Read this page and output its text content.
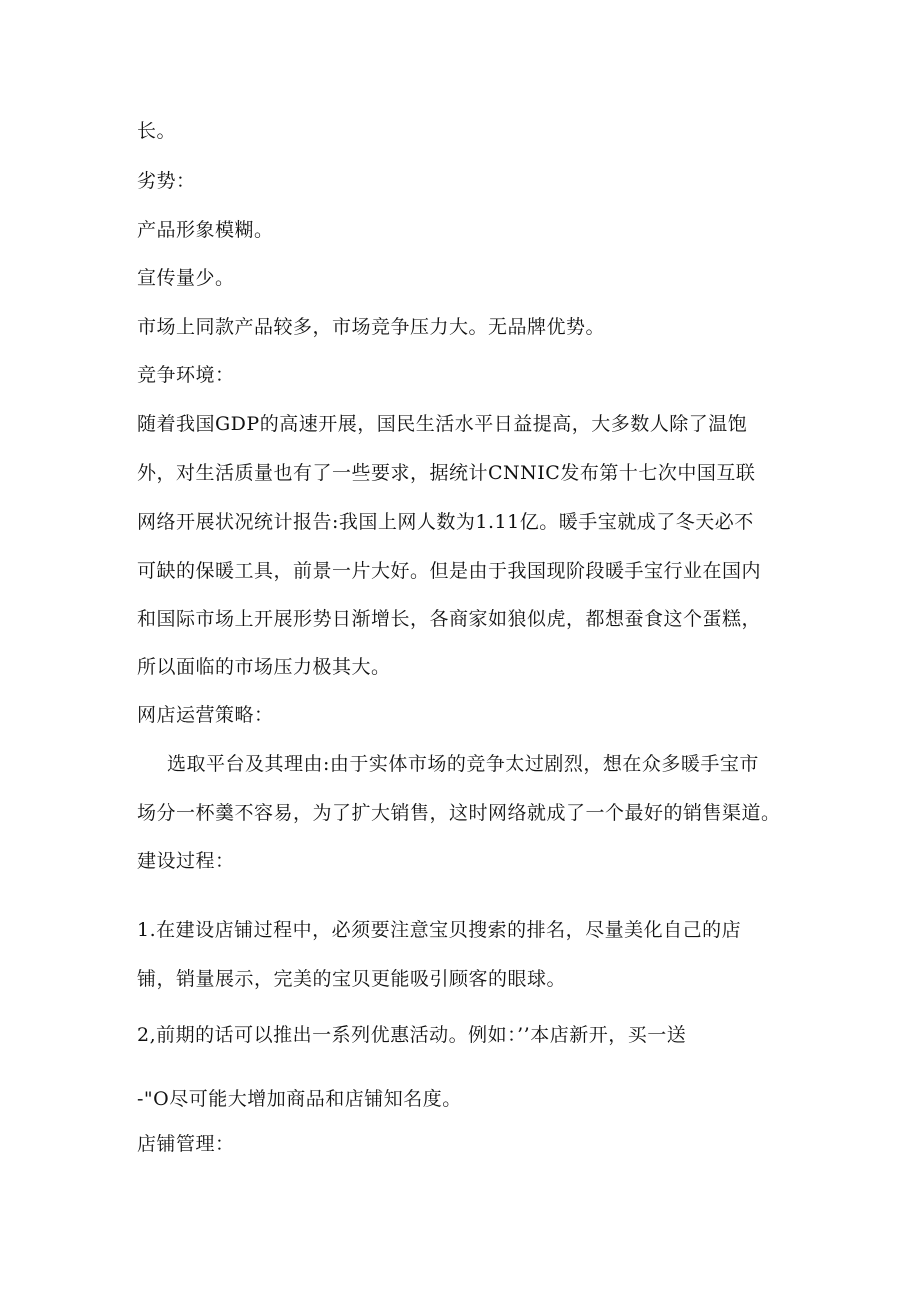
长。
劣势：
产品形象模糊。
宣传量少。
市场上同款产品较多，市场竞争压力大。无品牌优势。
竞争环境：
随着我国GDP的高速开展，国民生活水平日益提高，大多数人除了温饱
外，对生活质量也有了一些要求，据统计CNNIC发布第十七次中国互联
网络开展状况统计报告:我国上网人数为1.11亿。暖手宝就成了冬天必不
可缺的保暖工具，前景一片大好。但是由于我国现阶段暖手宝行业在国内
和国际市场上开展形势日渐增长，各商家如狼似虎，都想蚕食这个蛋糕，
所以面临的市场压力极其大。
网店运营策略：
选取平台及其理由:由于实体市场的竞争太过剧烈，想在众多暖手宝市
场分一杯羹不容易，为了扩大销售，这时网络就成了一个最好的销售渠道。
建设过程：
1.在建设店铺过程中，必须要注意宝贝搜索的排名，尽量美化自己的店
铺，销量展示，完美的宝贝更能吸引顾客的眼球。
2,前期的话可以推出一系列优惠活动。例如：’’本店新开，买一送
-"O尽可能大增加商品和店铺知名度。
店铺管理：
